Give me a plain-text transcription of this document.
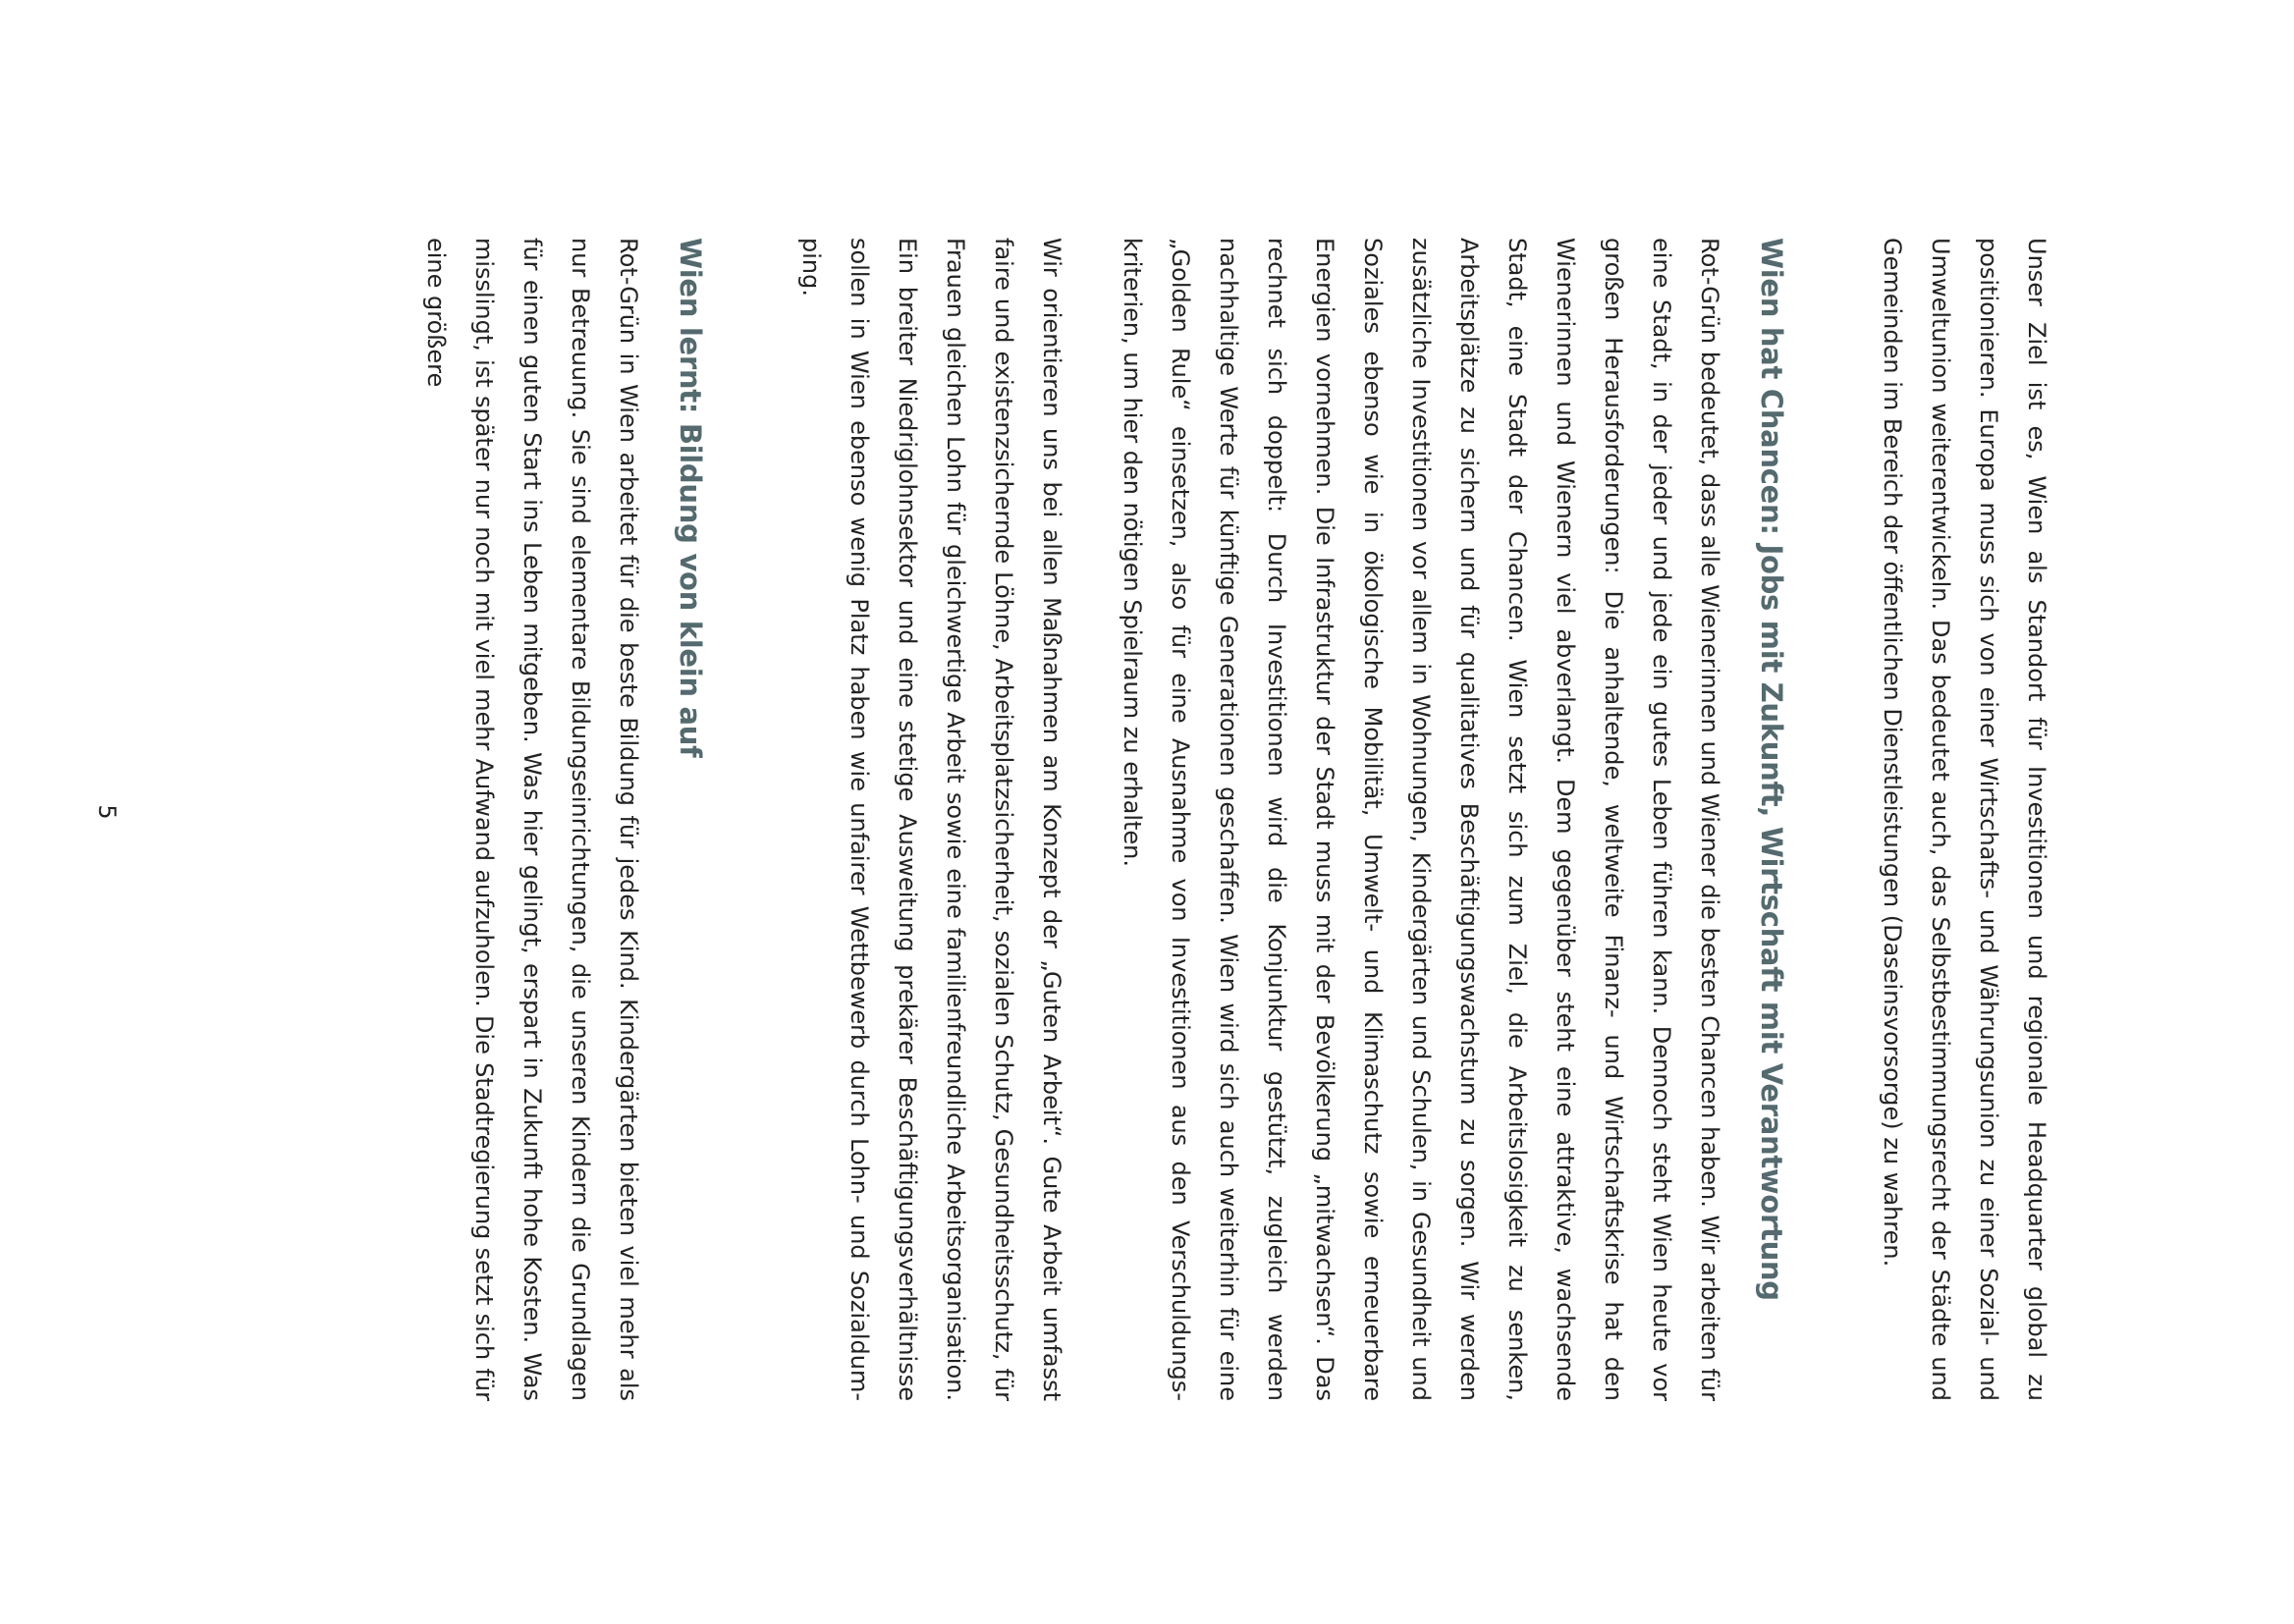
Unser Ziel ist es, Wien als Standort für Investitionen und regionale Headquarter global zu positionieren. Europa muss sich von einer Wirtschafts- und Währungsunion zu einer Sozial- und Umweltunion weiterentwickeln. Das bedeutet auch, das Selbstbestimmungsrecht der Städte und Gemeinden im Bereich der öffentlichen Dienstleistungen (Daseinsvorsorge) zu wahren.

Wien hat Chancen: Jobs mit Zukunft, Wirtschaft mit Verantwortung

Rot-Grün bedeutet, dass alle Wienerinnen und Wiener die besten Chancen haben. Wir arbeiten für eine Stadt, in der jeder und jede ein gutes Leben führen kann. Dennoch steht Wien heute vor großen Herausforderungen: Die anhaltende, weltweite Finanz- und Wirtschaftskrise hat den Wienerinnen und Wienern viel abverlangt. Dem gegenüber steht eine attraktive, wachsende Stadt, eine Stadt der Chancen. Wien setzt sich zum Ziel, die Arbeitslosigkeit zu senken, Arbeitsplätze zu sichern und für qualitatives Beschäftigungswachstum zu sorgen. Wir werden zusätzliche Investitionen vor allem in Wohnungen, Kindergärten und Schulen, in Gesundheit und Soziales ebenso wie in ökologische Mobilität, Umwelt- und Klimaschutz sowie erneuerbare Energien vornehmen. Die Infrastruktur der Stadt muss mit der Bevölkerung „mitwachsen“. Das rechnet sich doppelt: Durch Investitionen wird die Konjunktur gestützt, zugleich werden nachhaltige Werte für künftige Generationen geschaffen. Wien wird sich auch weiterhin für eine „Golden Rule“ einsetzen, also für eine Ausnahme von Investitionen aus den Verschuldungskriterien, um hier den nötigen Spielraum zu erhalten.

Wir orientieren uns bei allen Maßnahmen am Konzept der „Guten Arbeit“. Gute Arbeit umfasst faire und existenzsichernde Löhne, Arbeitsplatzsicherheit, sozialen Schutz, Gesundheitsschutz, für Frauen gleichen Lohn für gleichwertige Arbeit sowie eine familienfreundliche Arbeitsorganisation. Ein breiter Niedriglohnsektor und eine stetige Ausweitung prekärer Beschäftigungsverhältnisse sollen in Wien ebenso wenig Platz haben wie unfairer Wettbewerb durch Lohn- und Sozialdumping.

Wien lernt: Bildung von klein auf

Rot-Grün in Wien arbeitet für die beste Bildung für jedes Kind. Kindergärten bieten viel mehr als nur Betreuung. Sie sind elementare Bildungseinrichtungen, die unseren Kindern die Grundlagen für einen guten Start ins Leben mitgeben. Was hier gelingt, erspart in Zukunft hohe Kosten. Was misslingt, ist später nur noch mit viel mehr Aufwand aufzuholen. Die Stadtregierung setzt sich für eine größere

5
